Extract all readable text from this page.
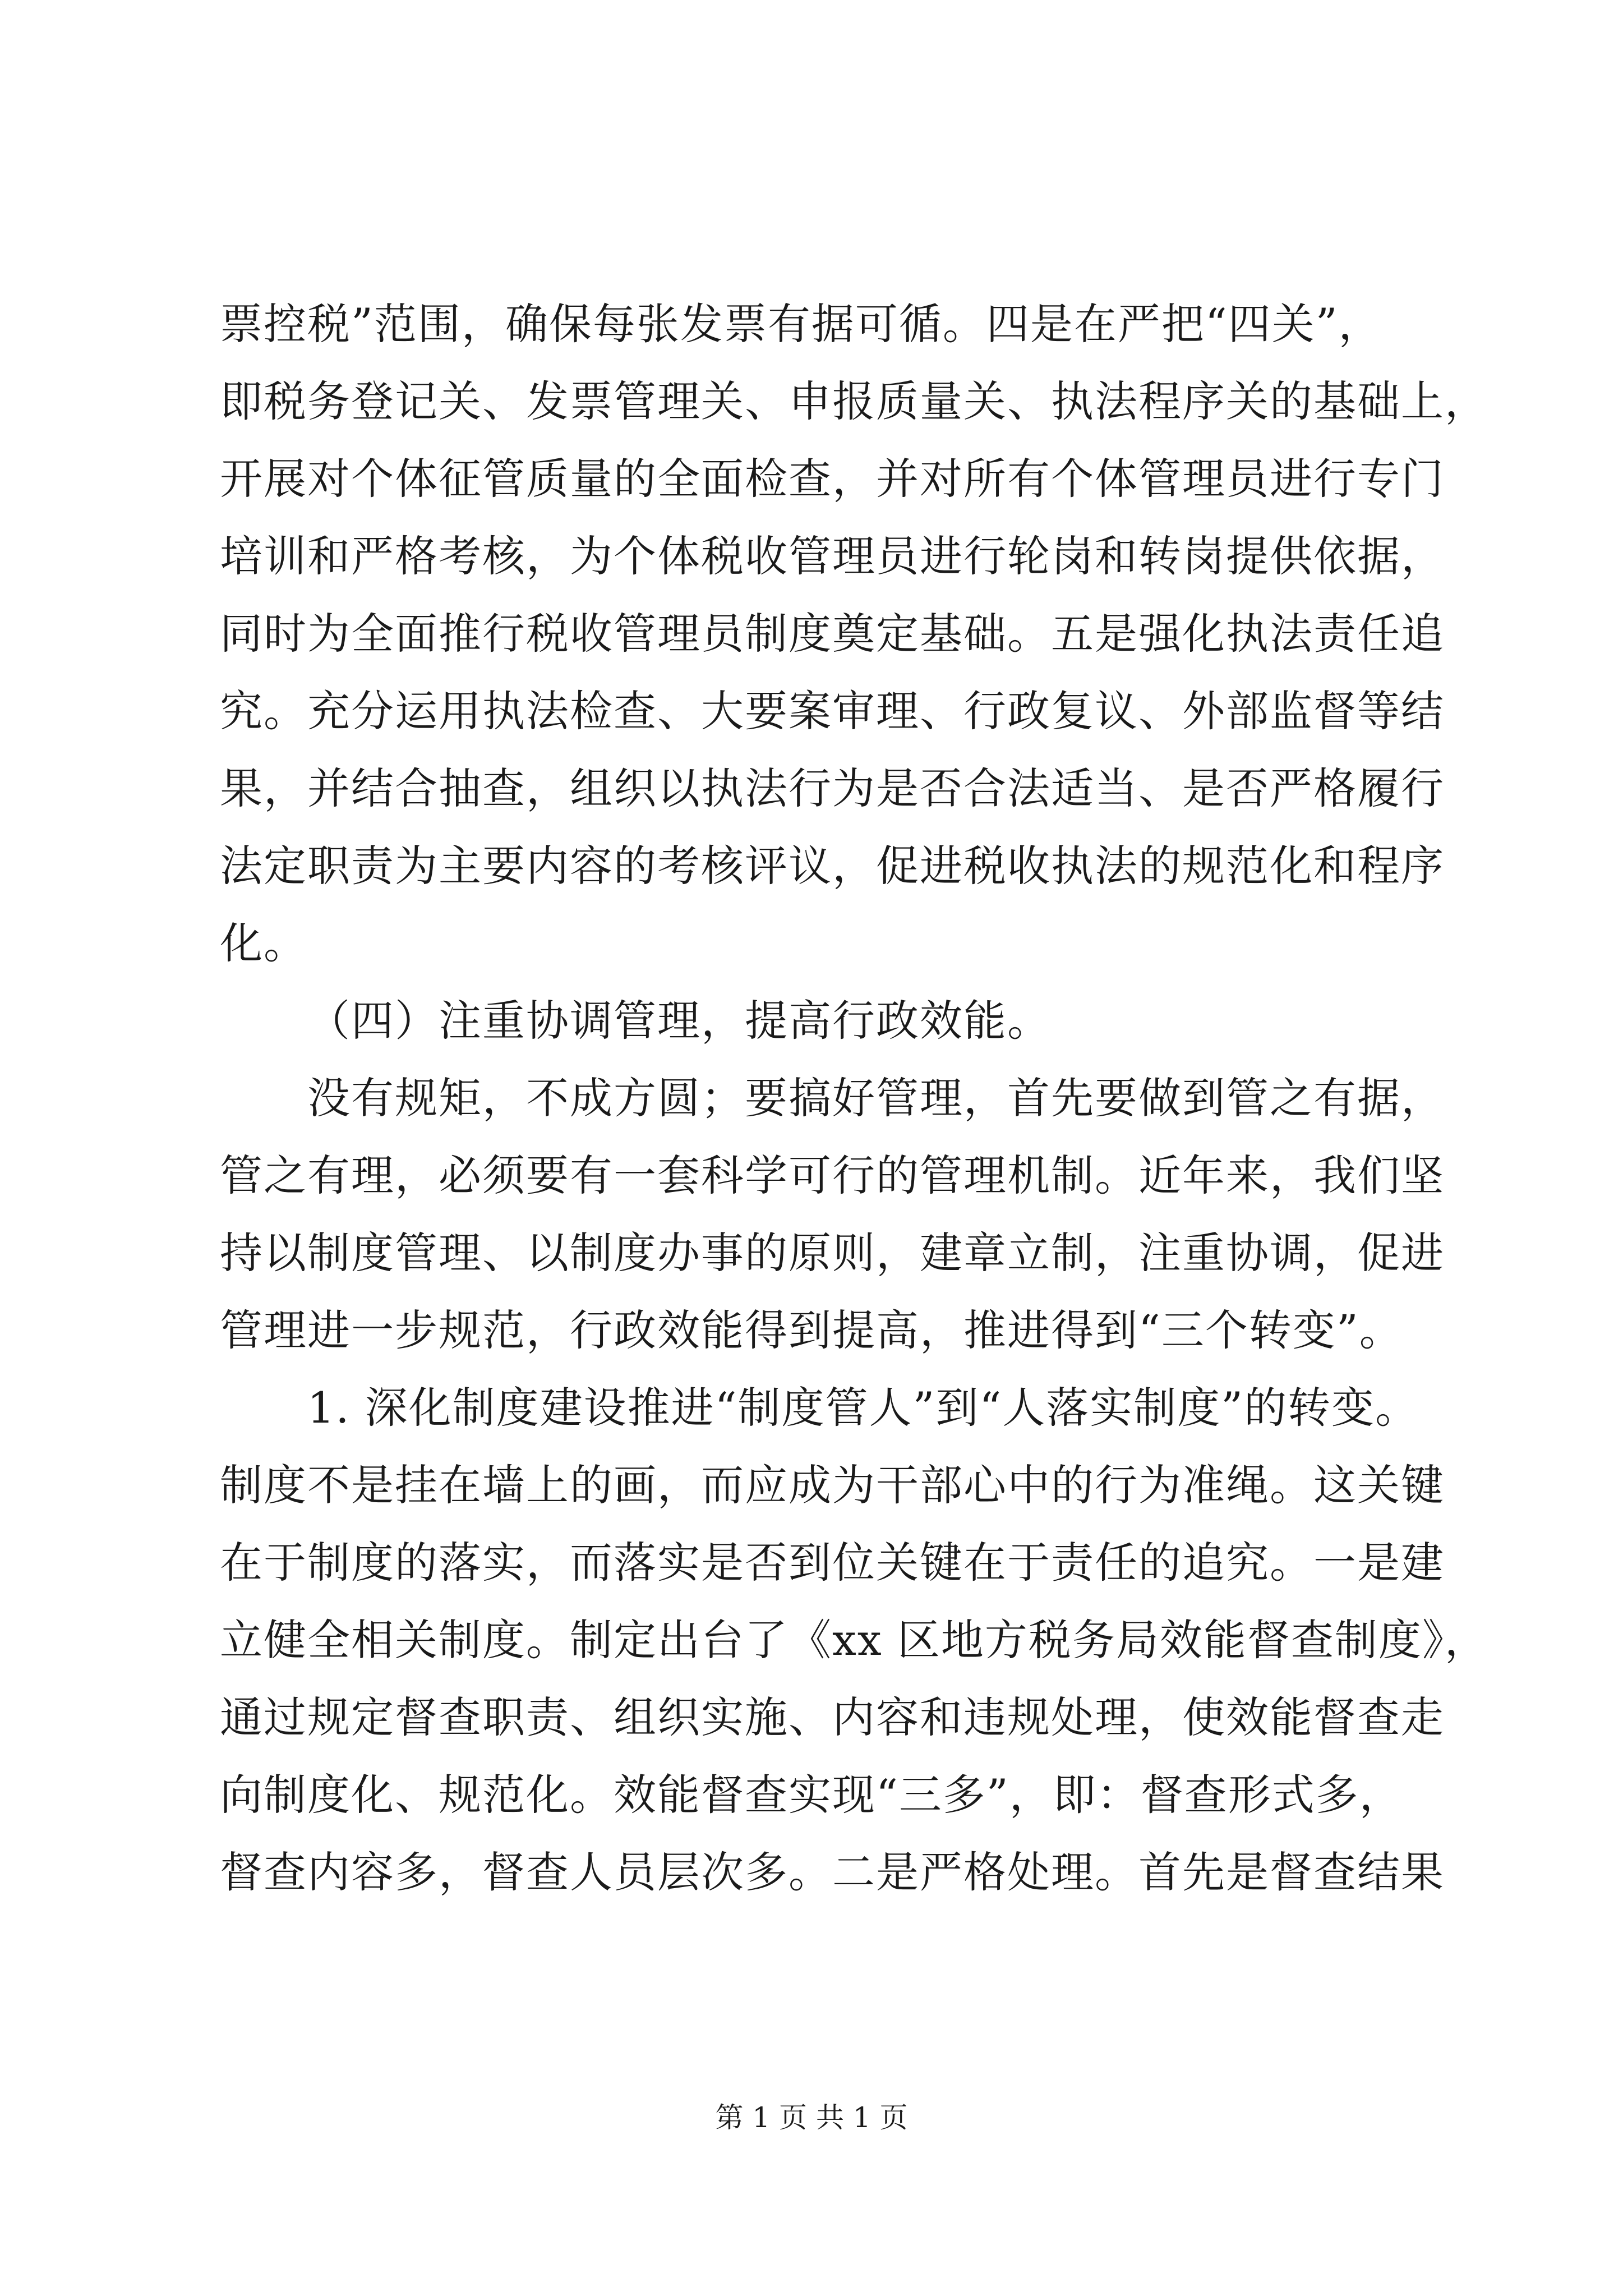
票控税”范围，确保每张发票有据可循。四是在严把“四关”，
即税务登记关、发票管理关、申报质量关、执法程序关的基础上，
开展对个体征管质量的全面检查，并对所有个体管理员进行专门
培训和严格考核，为个体税收管理员进行轮岗和转岗提供依据，
同时为全面推行税收管理员制度奠定基础。五是强化执法责任追
究。充分运用执法检查、大要案审理、行政复议、外部监督等结
果，并结合抽查，组织以执法行为是否合法适当、是否严格履行
法定职责为主要内容的考核评议，促进税收执法的规范化和程序
化。
（四）注重协调管理，提高行政效能。
没有规矩，不成方圆；要搞好管理，首先要做到管之有据，
管之有理，必须要有一套科学可行的管理机制。近年来，我们坚
持以制度管理、以制度办事的原则，建章立制，注重协调，促进
管理进一步规范，行政效能得到提高，推进得到“三个转变”。
1. 深化制度建设推进“制度管人”到“人落实制度”的转变。
制度不是挂在墙上的画，而应成为干部心中的行为准绳。这关键
在于制度的落实，而落实是否到位关键在于责任的追究。一是建
立健全相关制度。制定出台了《xx 区地方税务局效能督查制度》，
通过规定督查职责、组织实施、内容和违规处理，使效能督查走
向制度化、规范化。效能督查实现“三多”，即：督查形式多，
督查内容多，督查人员层次多。二是严格处理。首先是督查结果
第 1 页 共 1 页
